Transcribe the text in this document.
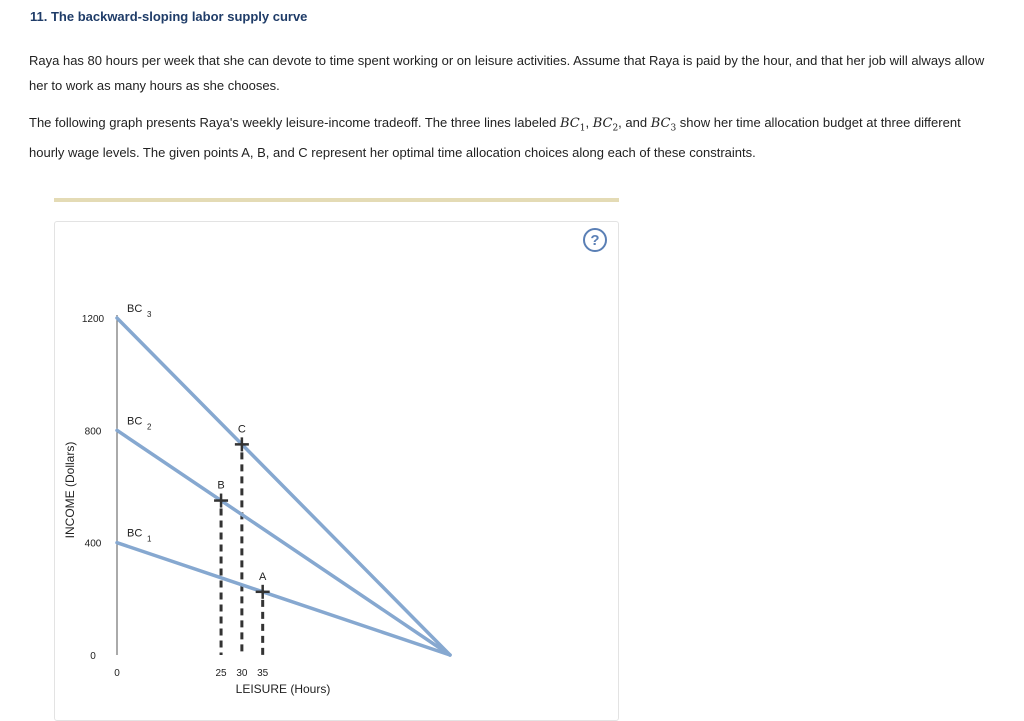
11. The backward-sloping labor supply curve
Raya has 80 hours per week that she can devote to time spent working or on leisure activities. Assume that Raya is paid by the hour, and that her job will always allow her to work as many hours as she chooses.
The following graph presents Raya's weekly leisure-income tradeoff. The three lines labeled $BC_1$, $BC_2$, and $BC_3$ show her time allocation budget at three different hourly wage levels. The given points A, B, and C represent her optimal time allocation choices along each of these constraints.
?
0
400
800
1200
0	25 30 35
LEISURE (Hours)
INCOME (Dollars)	BC 1
BC 2
BC 3
A
B
C
